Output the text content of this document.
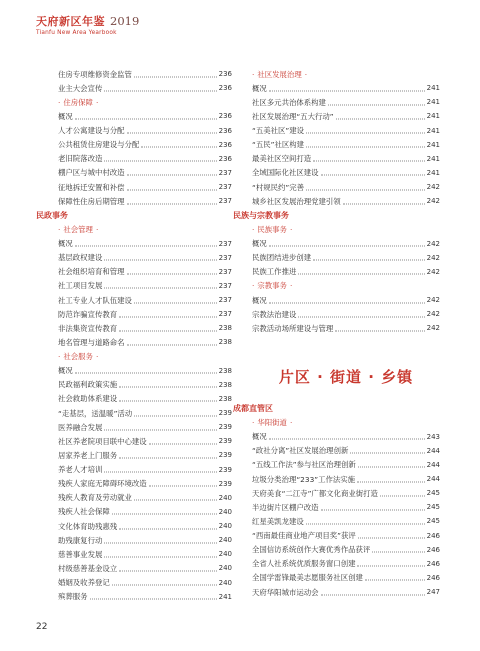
天府新区年鉴 2019
Tianfu New Area Yearbook
住房专项维修资金监管	236
业主大会宣传	236
· 住房保障 ·
概况	236
人才公寓建设与分配	236
公共租赁住房建设与分配	236
老旧院落改造	236
棚户区与城中村改造	237
征地拆迁安置和补偿	237
保障性住房后期管理	237
民政事务
· 社会管理 ·
概况	237
基层政权建设	237
社会组织培育和管理	237
社工项目发展	237
社工专业人才队伍建设	237
防范诈骗宣传教育	237
非法集资宣传教育	238
地名管理与道路命名	238
· 社会服务 ·
概况	238
民政福利政策实施	238
社会救助体系建设	238
“走基层，送温暖”活动	239
医养融合发展	239
社区养老院项目联中心建设	239
居家养老上门服务	239
养老人才培训	239
残疾人家庭无障碍环境改造	239
残疾人教育及劳动就业	240
残疾人社会保障	240
文化体育助残惠残	240
助残康复行动	240
慈善事业发展	240
村级慈善基金设立	240
婚姻及收养登记	240
殡葬服务	241
· 社区发展治理 ·
概况	241
社区多元共治体系构建	241
社区发展治理“五大行动”	241
“五美社区”建设	241
“五民”社区构建	241
最美社区空间打造	241
全域国际化社区建设	241
“村规民约”完善	242
城乡社区发展治理党建引领	242
民族与宗教事务
· 民族事务 ·
概况	242
民族团结进步创建	242
民族工作推进	242
· 宗教事务 ·
概况	242
宗教法治建设	242
宗教活动场所建设与管理	242
片区 · 街道 · 乡镇
成都直管区
· 华阳街道 ·
概况	243
“政社分离”社区发展治理创新	244
“五线工作法”参与社区治理创新	244
垃圾分类治理“233”工作法实施	244
天府美食“二江寺”广都文化商业街打造	245
半边街片区棚户改造	245
红星美凯龙建设	245
“西南最佳商业地产项目奖”获评	246
全国信访系统创作大赛优秀作品获评	246
全省人社系统优质服务窗口创建	246
全国学雷锋最美志愿服务社区创建	246
天府华阳城市运动会	247
22
